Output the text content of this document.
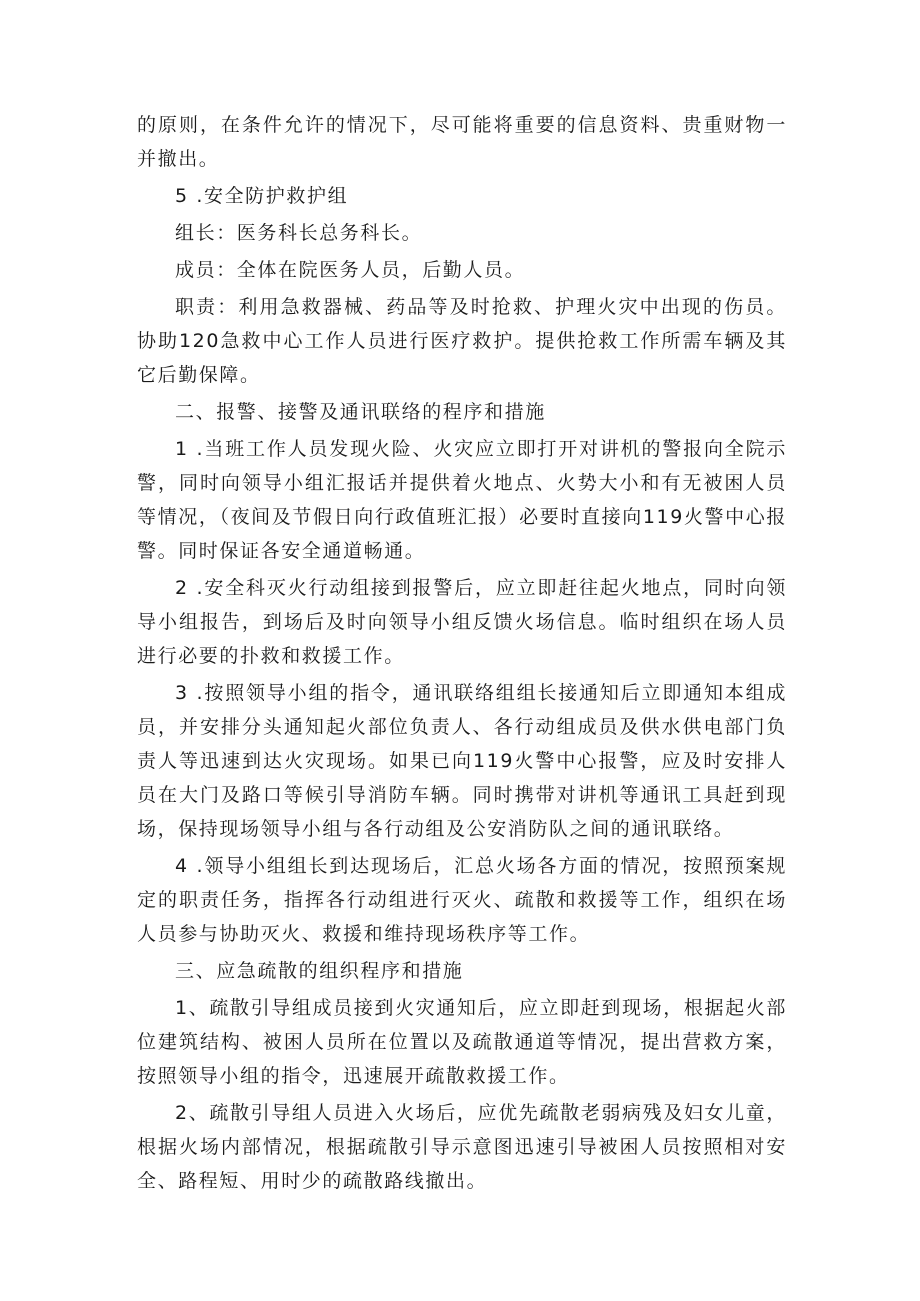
的原则，在条件允许的情况下，尽可能将重要的信息资料、贵重财物一并撤出。

5 .安全防护救护组

组长：医务科长总务科长。

成员：全体在院医务人员，后勤人员。

职责：利用急救器械、药品等及时抢救、护理火灾中出现的伤员。协助120急救中心工作人员进行医疗救护。提供抢救工作所需车辆及其它后勤保障。

二、报警、接警及通讯联络的程序和措施

1 .当班工作人员发现火险、火灾应立即打开对讲机的警报向全院示警，同时向领导小组汇报话并提供着火地点、火势大小和有无被困人员等情况，（夜间及节假日向行政值班汇报）必要时直接向119火警中心报警。同时保证各安全通道畅通。

2 .安全科灭火行动组接到报警后，应立即赶往起火地点，同时向领导小组报告，到场后及时向领导小组反馈火场信息。临时组织在场人员进行必要的扑救和救援工作。

3 .按照领导小组的指令，通讯联络组组长接通知后立即通知本组成员，并安排分头通知起火部位负责人、各行动组成员及供水供电部门负责人等迅速到达火灾现场。如果已向119火警中心报警，应及时安排人员在大门及路口等候引导消防车辆。同时携带对讲机等通讯工具赶到现场，保持现场领导小组与各行动组及公安消防队之间的通讯联络。

4 .领导小组组长到达现场后，汇总火场各方面的情况，按照预案规定的职责任务，指挥各行动组进行灭火、疏散和救援等工作，组织在场人员参与协助灭火、救援和维持现场秩序等工作。

三、应急疏散的组织程序和措施

1、疏散引导组成员接到火灾通知后，应立即赶到现场，根据起火部位建筑结构、被困人员所在位置以及疏散通道等情况，提出营救方案，按照领导小组的指令，迅速展开疏散救援工作。

2、疏散引导组人员进入火场后，应优先疏散老弱病残及妇女儿童，根据火场内部情况，根据疏散引导示意图迅速引导被困人员按照相对安全、路程短、用时少的疏散路线撤出。
